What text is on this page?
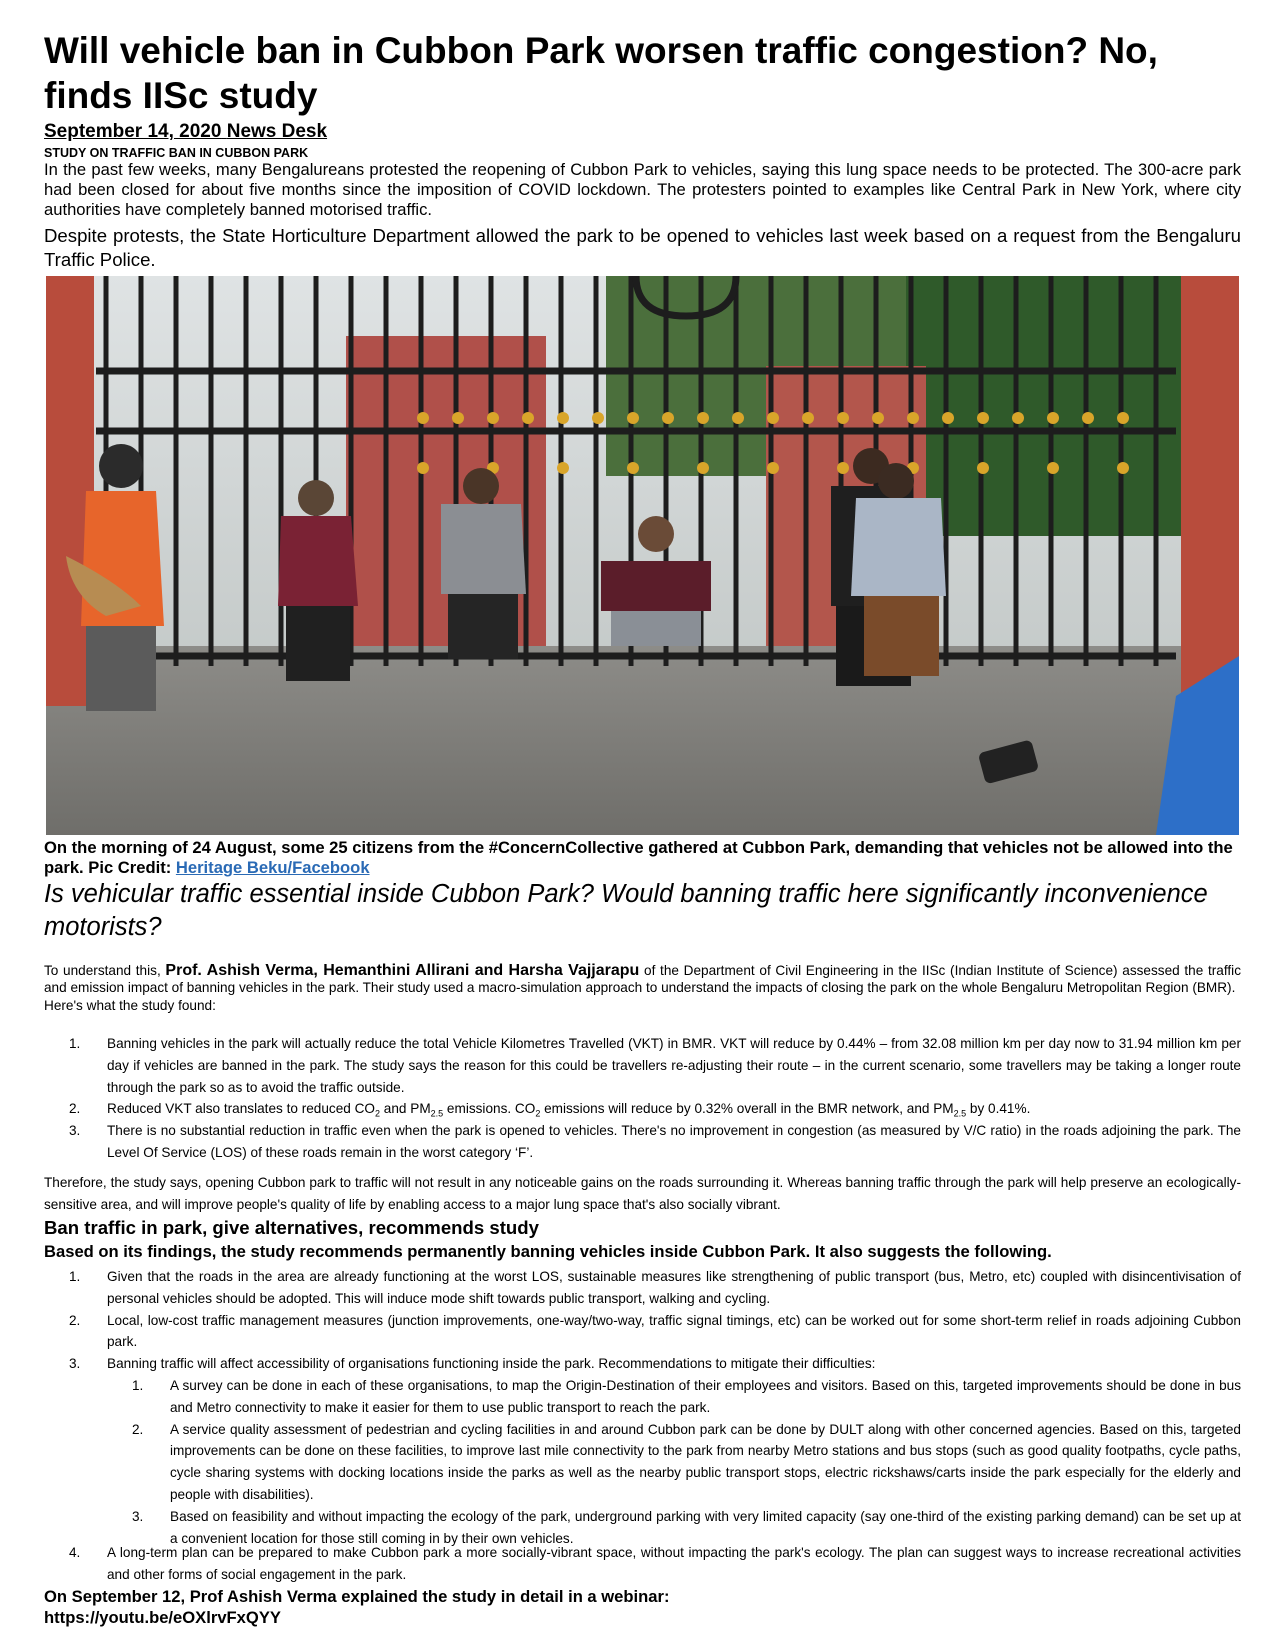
Will vehicle ban in Cubbon Park worsen traffic congestion? No, finds IISc study
September 14, 2020 News Desk
STUDY ON TRAFFIC BAN IN CUBBON PARK

In the past few weeks, many Bengalureans protested the reopening of Cubbon Park to vehicles, saying this lung space needs to be protected. The 300-acre park had been closed for about five months since the imposition of COVID lockdown. The protesters pointed to examples like Central Park in New York, where city authorities have completely banned motorised traffic.

Despite protests, the State Horticulture Department allowed the park to be opened to vehicles last week based on a request from the Bengaluru Traffic Police.

On the morning of 24 August, some 25 citizens from the #ConcernCollective gathered at Cubbon Park, demanding that vehicles not be allowed into the park. Pic Credit: Heritage Beku/Facebook

Is vehicular traffic essential inside Cubbon Park? Would banning traffic here significantly inconvenience motorists?

To understand this, Prof. Ashish Verma, Hemanthini Allirani and Harsha Vajjarapu of the Department of Civil Engineering in the IISc (Indian Institute of Science) assessed the traffic and emission impact of banning vehicles in the park. Their study used a macro-simulation approach to understand the impacts of closing the park on the whole Bengaluru Metropolitan Region (BMR).
Here's what the study found:

1. Banning vehicles in the park will actually reduce the total Vehicle Kilometres Travelled (VKT) in BMR. VKT will reduce by 0.44% – from 32.08 million km per day now to 31.94 million km per day if vehicles are banned in the park. The study says the reason for this could be travellers re-adjusting their route – in the current scenario, some travellers may be taking a longer route through the park so as to avoid the traffic outside.
2. Reduced VKT also translates to reduced $CO_2$ and $PM_{2.5}$ emissions. $CO_2$ emissions will reduce by 0.32% overall in the BMR network, and $PM_{2.5}$ by 0.41%.
3. There is no substantial reduction in traffic even when the park is opened to vehicles. There's no improvement in congestion (as measured by V/C ratio) in the roads adjoining the park. The Level Of Service (LOS) of these roads remain in the worst category ‘F’.

Therefore, the study says, opening Cubbon park to traffic will not result in any noticeable gains on the roads surrounding it. Whereas banning traffic through the park will help preserve an ecologically-sensitive area, and will improve people's quality of life by enabling access to a major lung space that's also socially vibrant.

Ban traffic in park, give alternatives, recommends study
Based on its findings, the study recommends permanently banning vehicles inside Cubbon Park. It also suggests the following.
1. Given that the roads in the area are already functioning at the worst LOS, sustainable measures like strengthening of public transport (bus, Metro, etc) coupled with disincentivisation of personal vehicles should be adopted. This will induce mode shift towards public transport, walking and cycling.
2. Local, low-cost traffic management measures (junction improvements, one-way/two-way, traffic signal timings, etc) can be worked out for some short-term relief in roads adjoining Cubbon park.
3. Banning traffic will affect accessibility of organisations functioning inside the park. Recommendations to mitigate their difficulties:
1. A survey can be done in each of these organisations, to map the Origin-Destination of their employees and visitors. Based on this, targeted improvements should be done in bus and Metro connectivity to make it easier for them to use public transport to reach the park.
2. A service quality assessment of pedestrian and cycling facilities in and around Cubbon park can be done by DULT along with other concerned agencies. Based on this, targeted improvements can be done on these facilities, to improve last mile connectivity to the park from nearby Metro stations and bus stops (such as good quality footpaths, cycle paths, cycle sharing systems with docking locations inside the parks as well as the nearby public transport stops, electric rickshaws/carts inside the park especially for the elderly and people with disabilities).
3. Based on feasibility and without impacting the ecology of the park, underground parking with very limited capacity (say one-third of the existing parking demand) can be set up at a convenient location for those still coming in by their own vehicles.
4. A long-term plan can be prepared to make Cubbon park a more socially-vibrant space, without impacting the park's ecology. The plan can suggest ways to increase recreational activities and other forms of social engagement in the park.
On September 12, Prof Ashish Verma explained the study in detail in a webinar:
https://youtu.be/eOXlrvFxQYY
